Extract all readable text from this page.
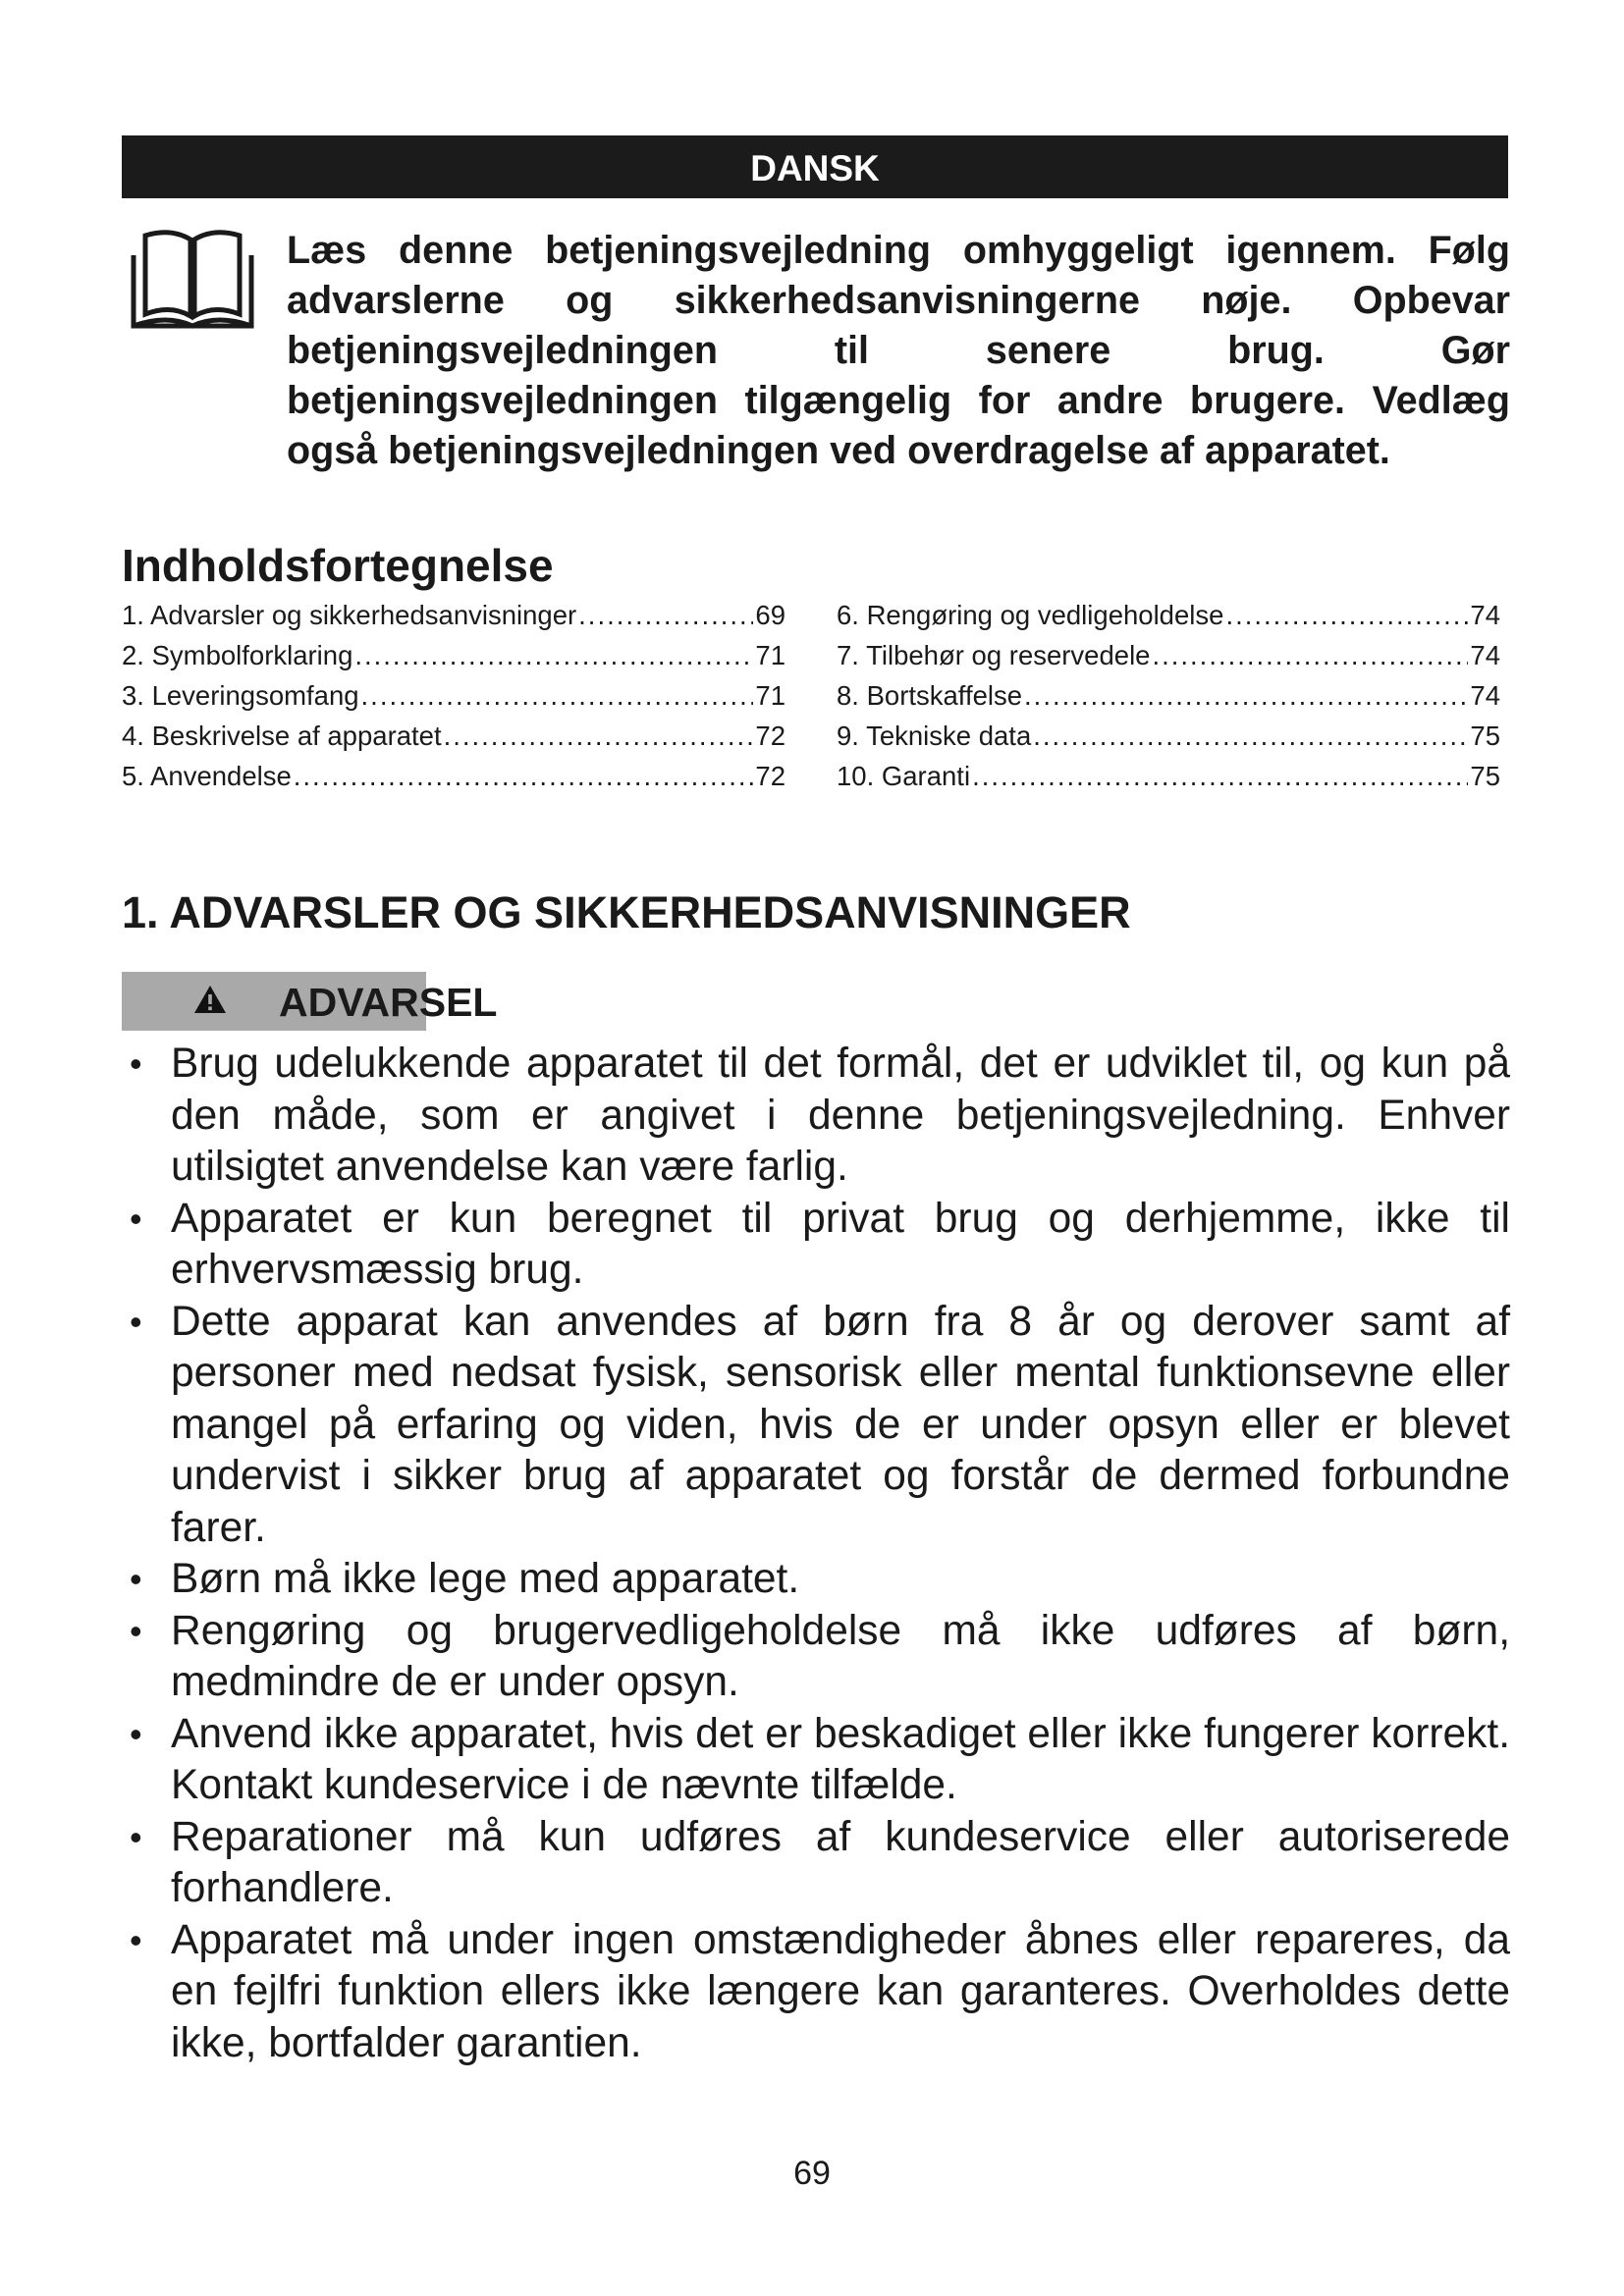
DANSK

Læs denne betjeningsvejledning omhyggeligt igennem. Følg advarslerne og sikkerhedsanvisningerne nøje. Opbevar betjeningsvejledningen til senere brug. Gør betjeningsvejledningen tilgængelig for andre brugere. Vedlæg også betjeningsvejledningen ved overdragelse af apparatet.

Indholdsfortegnelse
1. Advarsler og sikkerhedsanvisninger .....	69
2. Symbolforklaring .....	71
3. Leveringsomfang .....	71
4. Beskrivelse af apparatet .....	72
5. Anvendelse .....	72
6. Rengøring og vedligeholdelse .....	74
7. Tilbehør og reservedele .....	74
8. Bortskaffelse .....	74
9. Tekniske data .....	75
10. Garanti .....	75
1. ADVARSLER OG SIKKERHEDSANVISNINGER
ADVARSEL
• Brug udelukkende apparatet til det formål, det er udviklet til, og kun på den måde, som er angivet i denne betjeningsvejledning. Enhver utilsigtet anvendelse kan være farlig.
• Apparatet er kun beregnet til privat brug og derhjemme, ikke til erhvervsmæssig brug.
• Dette apparat kan anvendes af børn fra 8 år og derover samt af personer med nedsat fysisk, sensorisk eller mental funktionsevne eller mangel på erfaring og viden, hvis de er under opsyn eller er blevet undervist i sikker brug af apparatet og forstår de dermed forbundne farer.
• Børn må ikke lege med apparatet.
• Rengøring og brugervedligeholdelse må ikke udføres af børn, medmindre de er under opsyn.
• Anvend ikke apparatet, hvis det er beskadiget eller ikke fungerer korrekt. Kontakt kundeservice i de nævnte tilfælde.
• Reparationer må kun udføres af kundeservice eller autoriserede forhandlere.
• Apparatet må under ingen omstændigheder åbnes eller repareres, da en fejlfri funktion ellers ikke længere kan garanteres. Overholdes dette ikke, bortfalder garantien.
69
